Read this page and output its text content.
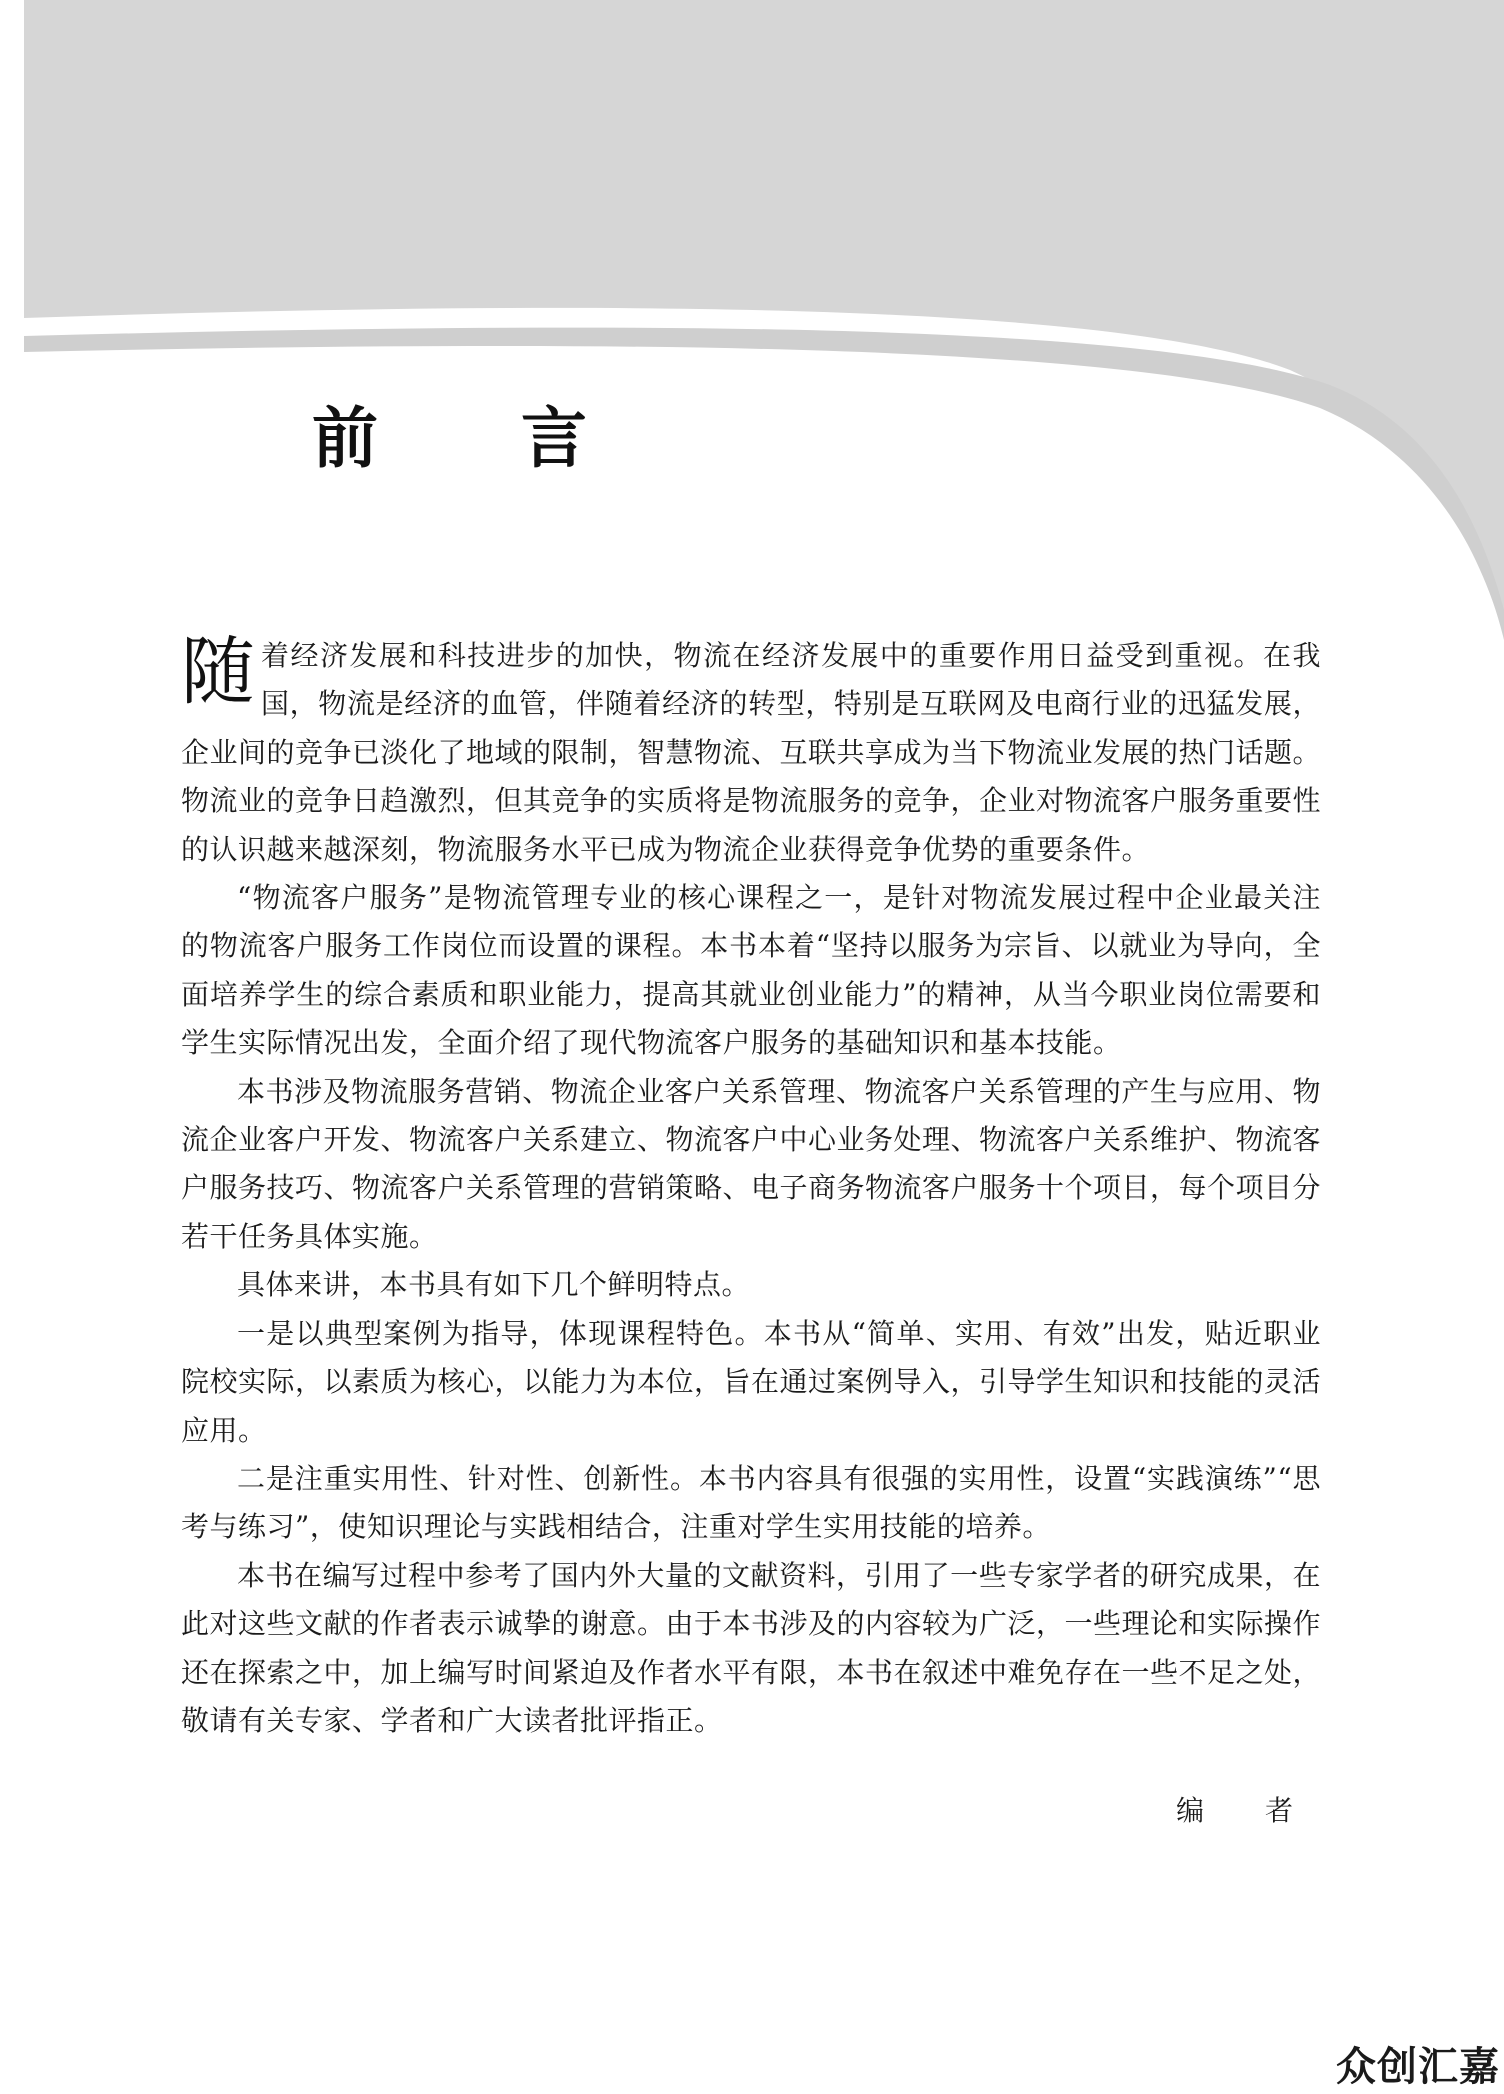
前 言

随着经济发展和科技进步的加快，物流在经济发展中的重要作用日益受到重视。在我国，物流是经济的血管，伴随着经济的转型，特别是互联网及电商行业的迅猛发展，企业间的竞争已淡化了地域的限制，智慧物流、互联共享成为当下物流业发展的热门话题。物流业的竞争日趋激烈，但其竞争的实质将是物流服务的竞争，企业对物流客户服务重要性的认识越来越深刻，物流服务水平已成为物流企业获得竞争优势的重要条件。

“物流客户服务”是物流管理专业的核心课程之一，是针对物流发展过程中企业最关注的物流客户服务工作岗位而设置的课程。本书本着“坚持以服务为宗旨、以就业为导向，全面培养学生的综合素质和职业能力，提高其就业创业能力”的精神，从当今职业岗位需要和学生实际情况出发，全面介绍了现代物流客户服务的基础知识和基本技能。

本书涉及物流服务营销、物流企业客户关系管理、物流客户关系管理的产生与应用、物流企业客户开发、物流客户关系建立、物流客户中心业务处理、物流客户关系维护、物流客户服务技巧、物流客户关系管理的营销策略、电子商务物流客户服务十个项目，每个项目分若干任务具体实施。

具体来讲，本书具有如下几个鲜明特点。

一是以典型案例为指导，体现课程特色。本书从“简单、实用、有效”出发，贴近职业院校实际，以素质为核心，以能力为本位，旨在通过案例导入，引导学生知识和技能的灵活应用。

二是注重实用性、针对性、创新性。本书内容具有很强的实用性，设置“实践演练”“思考与练习”，使知识理论与实践相结合，注重对学生实用技能的培养。

本书在编写过程中参考了国内外大量的文献资料，引用了一些专家学者的研究成果，在此对这些文献的作者表示诚挚的谢意。由于本书涉及的内容较为广泛，一些理论和实际操作还在探索之中，加上编写时间紧迫及作者水平有限，本书在叙述中难免存在一些不足之处，敬请有关专家、学者和广大读者批评指正。

编 者

众创汇嘉
